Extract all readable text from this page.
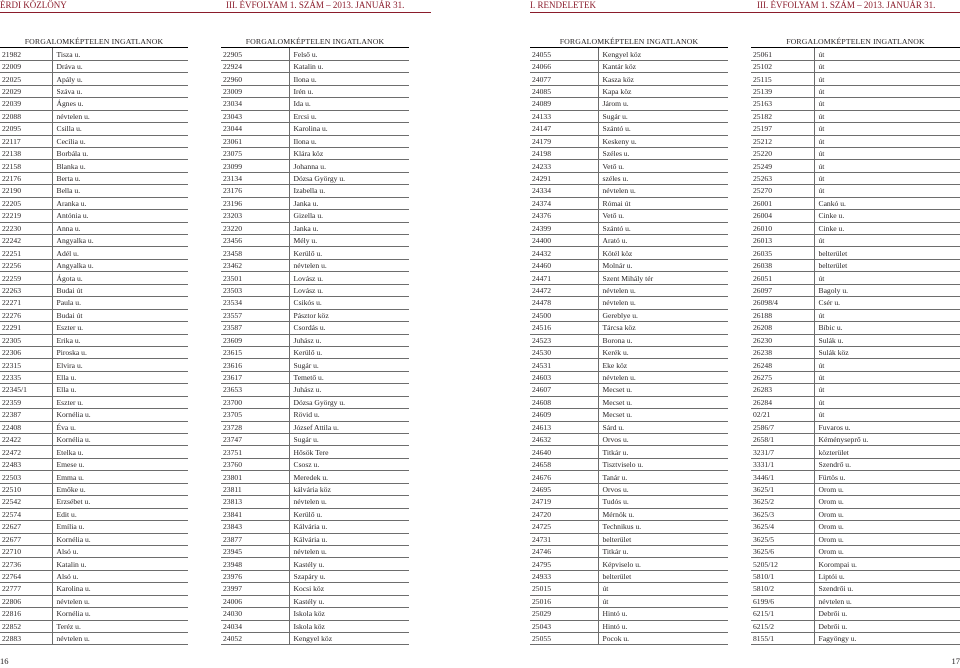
ÉRDI KÖZLÖNY	III. ÉVFOLYAM 1. SZÁM – 2013. JANUÁR 31.	I. RENDELETEK	III. ÉVFOLYAM 1. SZÁM – 2013. JANUÁR 31.
FORGALOMKÉPTELEN INGATLANOK	
21982	Tisza u.
22009	Dráva u.
22025	Apály u.
22029	Száva u.
22039	Ágnes u.
22088	névtelen u.
22095	Csilla u.
22117	Cecília u.
22138	Borbála u.
22158	Blanka u.
22176	Berta u.
22190	Bella u.
22205	Aranka u.
22219	Antónia u.
22230	Anna u.
22242	Angyalka u.
22251	Adél u.
22256	Angyalka u.
22259	Ágota u.
22263	Budai út
22271	Paula u.
22276	Budai út
22291	Eszter u.
22305	Erika u.
22306	Piroska u.
22315	Elvira u.
22335	Ella u.
22345/1	Ella u.
22359	Eszter u.
22387	Kornélia u.
22408	Éva u.
22422	Kornélia u.
22472	Etelka u.
22483	Emese u.
22503	Emma u.
22510	Emőke u.
22542	Erzsébet u.
22574	Edit u.
22627	Emília u.
22677	Kornélia u.
22710	Alsó u.
22736	Katalin u.
22764	Alsó u.
22777	Karolina u.
22806	névtelen u.
22816	Kornélia u.
22852	Teréz u.
22883	névtelen u.
FORGALOMKÉPTELEN INGATLANOK	
22905	Felső u.
22924	Katalin u.
22960	Ilona u.
23009	Irén u.
23034	Ida u.
23043	Ercsi u.
23044	Karolina u.
23061	Ilona u.
23075	Klára köz
23099	Johanna u.
23134	Dózsa György u.
23176	Izabella u.
23196	Janka u.
23203	Gizella u.
23220	Janka u.
23456	Mély u.
23458	Kerülő u.
23462	névtelen u.
23501	Lovász u.
23503	Lovász u.
23534	Csikós u.
23557	Pásztor köz
23587	Csordás u.
23609	Juhász u.
23615	Kerülő u.
23616	Sugár u.
23617	Temető u.
23653	Juhász u.
23700	Dózsa György u.
23705	Rövid u.
23728	József Attila u.
23747	Sugár u.
23751	Hősök Tere
23760	Csosz u.
23801	Meredek u.
23811	kálvária köz
23813	névtelen u.
23841	Kerülő u.
23843	Kálvária u.
23877	Kálvária u.
23945	névtelen u.
23948	Kastély u.
23976	Szapáry u.
23997	Kocsi köz
24006	Kastély u.
24030	Iskola köz
24034	Iskola köz
24052	Kengyel köz
FORGALOMKÉPTELEN INGATLANOK	
24055	Kengyel köz
24066	Kantár köz
24077	Kasza köz
24085	Kapa köz
24089	Járom u.
24133	Sugár u.
24147	Szántó u.
24179	Keskeny u.
24198	Széles u.
24233	Vető u.
24291	széles u.
24334	névtelen u.
24374	Római út
24376	Vető u.
24399	Szántó u.
24400	Arató u.
24432	Kötél köz
24460	Molnár u.
24471	Szent Mihály tér
24472	névtelen u.
24478	névtelen u.
24500	Gereblye u.
24516	Tárcsa köz
24523	Borona u.
24530	Kerék u.
24531	Eke köz
24603	névtelen u.
24607	Mecset u.
24608	Mecset u.
24609	Mecset u.
24613	Sárd u.
24632	Orvos u.
24640	Titkár u.
24658	Tisztviselo u.
24676	Tanár u.
24695	Orvos u.
24719	Tudós u.
24720	Mérnök u.
24725	Technikus u.
24731	belterület
24746	Titkár u.
24795	Képviselo u.
24933	belterület
25015	út
25016	út
25029	Hintó u.
25043	Hintó u.
25055	Pocok u.
FORGALOMKÉPTELEN INGATLANOK	
25061	út
25102	út
25115	út
25139	út
25163	út
25182	út
25197	út
25212	út
25220	út
25249	út
25263	út
25270	út
26001	Cankó u.
26004	Cinke u.
26010	Cinke u.
26013	út
26035	belterület
26038	belterület
26051	út
26097	Bagoly u.
26098/4	Csér u.
26188	út
26208	Bíbic u.
26230	Sulák u.
26238	Sulák köz
26248	út
26275	út
26283	út
26284	út
02/21	út
2586/7	Fuvaros u.
2658/1	Kéményseprő u.
3231/7	közterület
3331/1	Szendrő u.
3446/1	Fürtös u.
3625/1	Orom u.
3625/2	Orom u.
3625/3	Orom u.
3625/4	Orom u.
3625/5	Orom u.
3625/6	Orom u.
5205/12	Korompai u.
5810/1	Liptói u.
5810/2	Szendrői u.
6199/6	névtelen u.
6215/1	Debrői u.
6215/2	Debrői u.
8155/1	Fagyöngy u.
16	17
